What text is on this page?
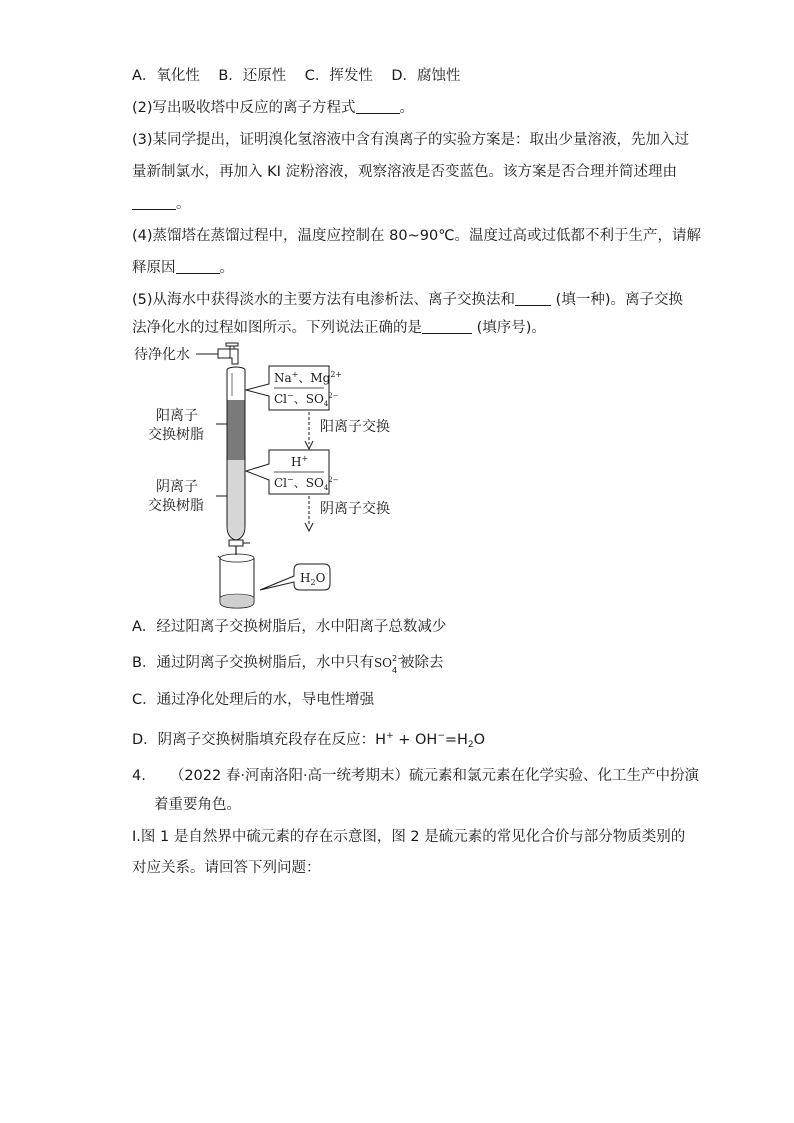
A．氧化性 B．还原性 C．挥发性 D．腐蚀性
(2)写出吸收塔中反应的离子方程式	。
(3)某同学提出，证明溴化氢溶液中含有溴离子的实验方案是：取出少量溶液，先加入过
量新制氯水，再加入 KI 淀粉溶液，观察溶液是否变蓝色。该方案是否合理并简述理由
。
(4)蒸馏塔在蒸馏过程中，温度应控制在 80~90℃。温度过高或过低都不利于生产，请解
释原因	。
(5)从海水中获得淡水的主要方法有电渗析法、离子交换法和	(填一种)。离子交换
法净化水的过程如图所示。下列说法正确的是	(填序号)。
待净化水
阳离子
交换树脂
阴离子
交换树脂
Na+、$Mg^{2+}$
Cl−、$SO_4^{2-}$
阳离子交换
H+
Cl−、$SO_4^{2-}$
阴离子交换
$H_2O$
A．经过阳离子交换树脂后，水中阳离子总数减少
B．通过阴离子交换树脂后，水中只有SO 2−
4 被除去
C．通过净化处理后的水，导电性增强
D．阴离子交换树脂填充段存在反应：$H^+ + OH^-=H_2O$
4. （2022 春·河南洛阳·高一统考期末）硫元素和氯元素在化学实验、化工生产中扮演
着重要角色。
I.图 1 是自然界中硫元素的存在示意图，图 2 是硫元素的常见化合价与部分物质类别的
对应关系。请回答下列问题：
